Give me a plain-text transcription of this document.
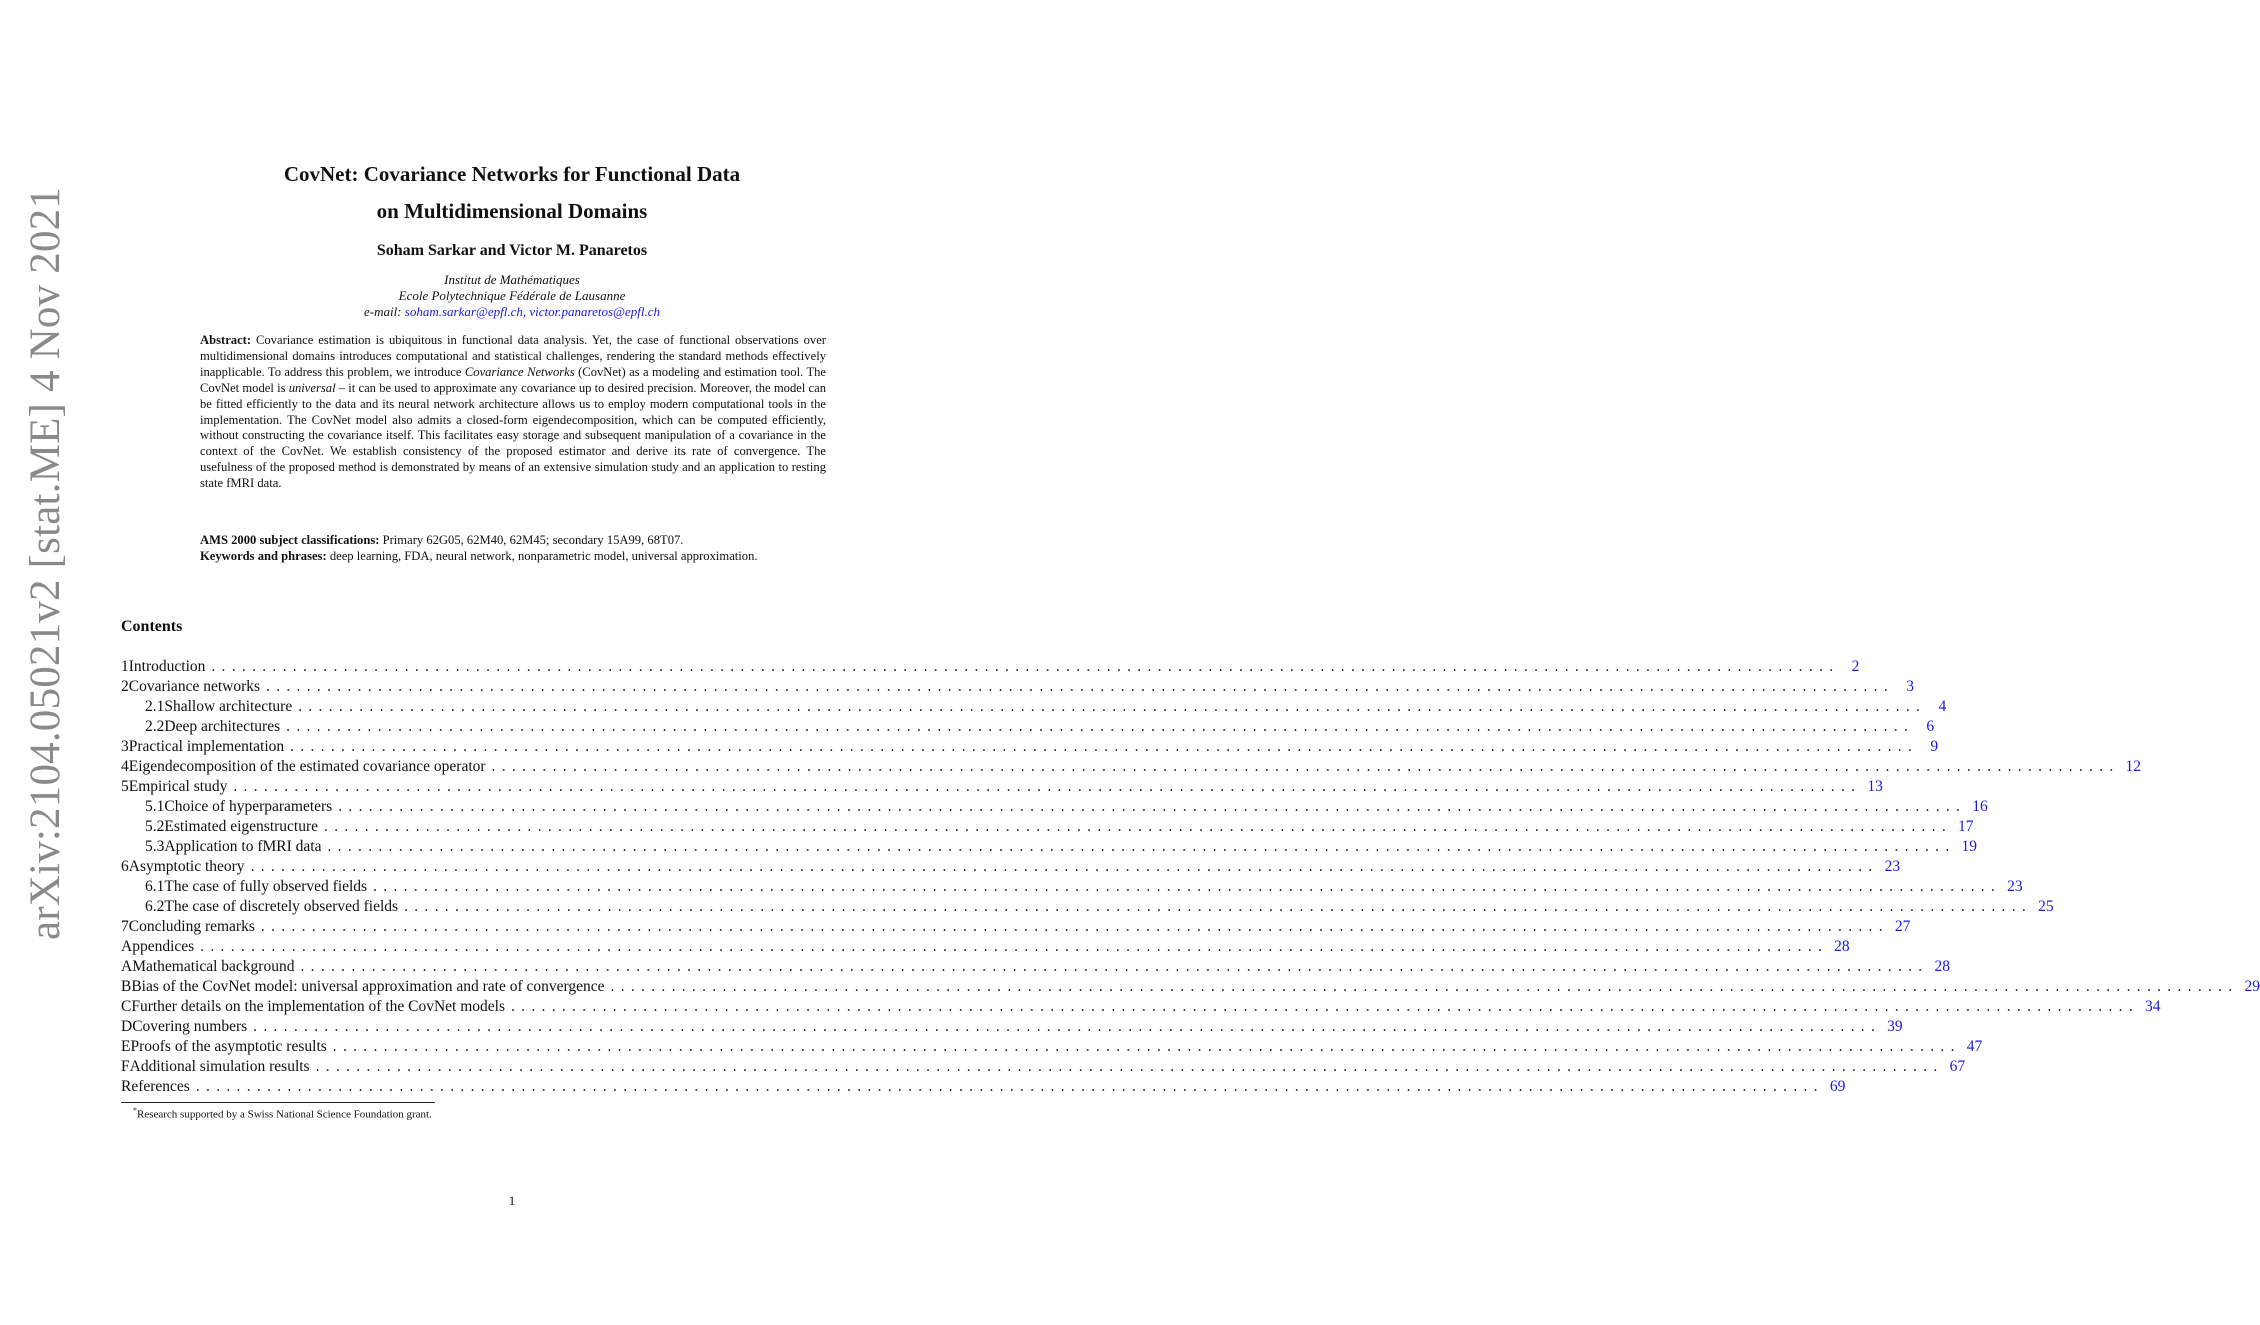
arXiv:2104.05021v2 [stat.ME] 4 Nov 2021
CovNet: Covariance Networks for Functional Data
on Multidimensional Domains
Soham Sarkar and Victor M. Panaretos
Institut de Mathématiques
Ecole Polytechnique Fédérale de Lausanne
e-mail: soham.sarkar@epfl.ch, victor.panaretos@epfl.ch
Abstract: Covariance estimation is ubiquitous in functional data analysis. Yet, the case of functional observations over multidimensional domains introduces computational and statistical challenges, rendering the standard methods effectively inapplicable. To address this problem, we introduce Covariance Networks (CovNet) as a modeling and estimation tool. The CovNet model is universal – it can be used to approximate any covariance up to desired precision. Moreover, the model can be fitted efficiently to the data and its neural network architecture allows us to employ modern computational tools in the implementation. The CovNet model also admits a closed-form eigendecomposition, which can be computed efficiently, without constructing the covariance itself. This facilitates easy storage and subsequent manipulation of a covariance in the context of the CovNet. We establish consistency of the proposed estimator and derive its rate of convergence. The usefulness of the proposed method is demonstrated by means of an extensive simulation study and an application to resting state fMRI data.
AMS 2000 subject classifications: Primary 62G05, 62M40, 62M45; secondary 15A99, 68T07.
Keywords and phrases: deep learning, FDA, neural network, nonparametric model, universal approximation.
Contents
1 Introduction ................................................................................................................................................................ 2
2 Covariance networks ................................................................................................................................................................ 3
2.1 Shallow architecture ................................................................................................................................................................ 4
2.2 Deep architectures ................................................................................................................................................................ 6
3 Practical implementation ................................................................................................................................................................ 9
4 Eigendecomposition of the estimated covariance operator ................................................................................................................................................................ 12
5 Empirical study ................................................................................................................................................................ 13
5.1 Choice of hyperparameters ................................................................................................................................................................ 16
5.2 Estimated eigenstructure ................................................................................................................................................................ 17
5.3 Application to fMRI data ................................................................................................................................................................ 19
6 Asymptotic theory ................................................................................................................................................................ 23
6.1 The case of fully observed fields ................................................................................................................................................................ 23
6.2 The case of discretely observed fields ................................................................................................................................................................ 25
7 Concluding remarks ................................................................................................................................................................ 27
Appendices ................................................................................................................................................................ 28
A Mathematical background ................................................................................................................................................................ 28
B Bias of the CovNet model: universal approximation and rate of convergence ................................................................................................................................................................ 29
C Further details on the implementation of the CovNet models ................................................................................................................................................................ 34
D Covering numbers ................................................................................................................................................................ 39
E Proofs of the asymptotic results ................................................................................................................................................................ 47
F Additional simulation results ................................................................................................................................................................ 67
References ................................................................................................................................................................ 69
*Research supported by a Swiss National Science Foundation grant.
1
